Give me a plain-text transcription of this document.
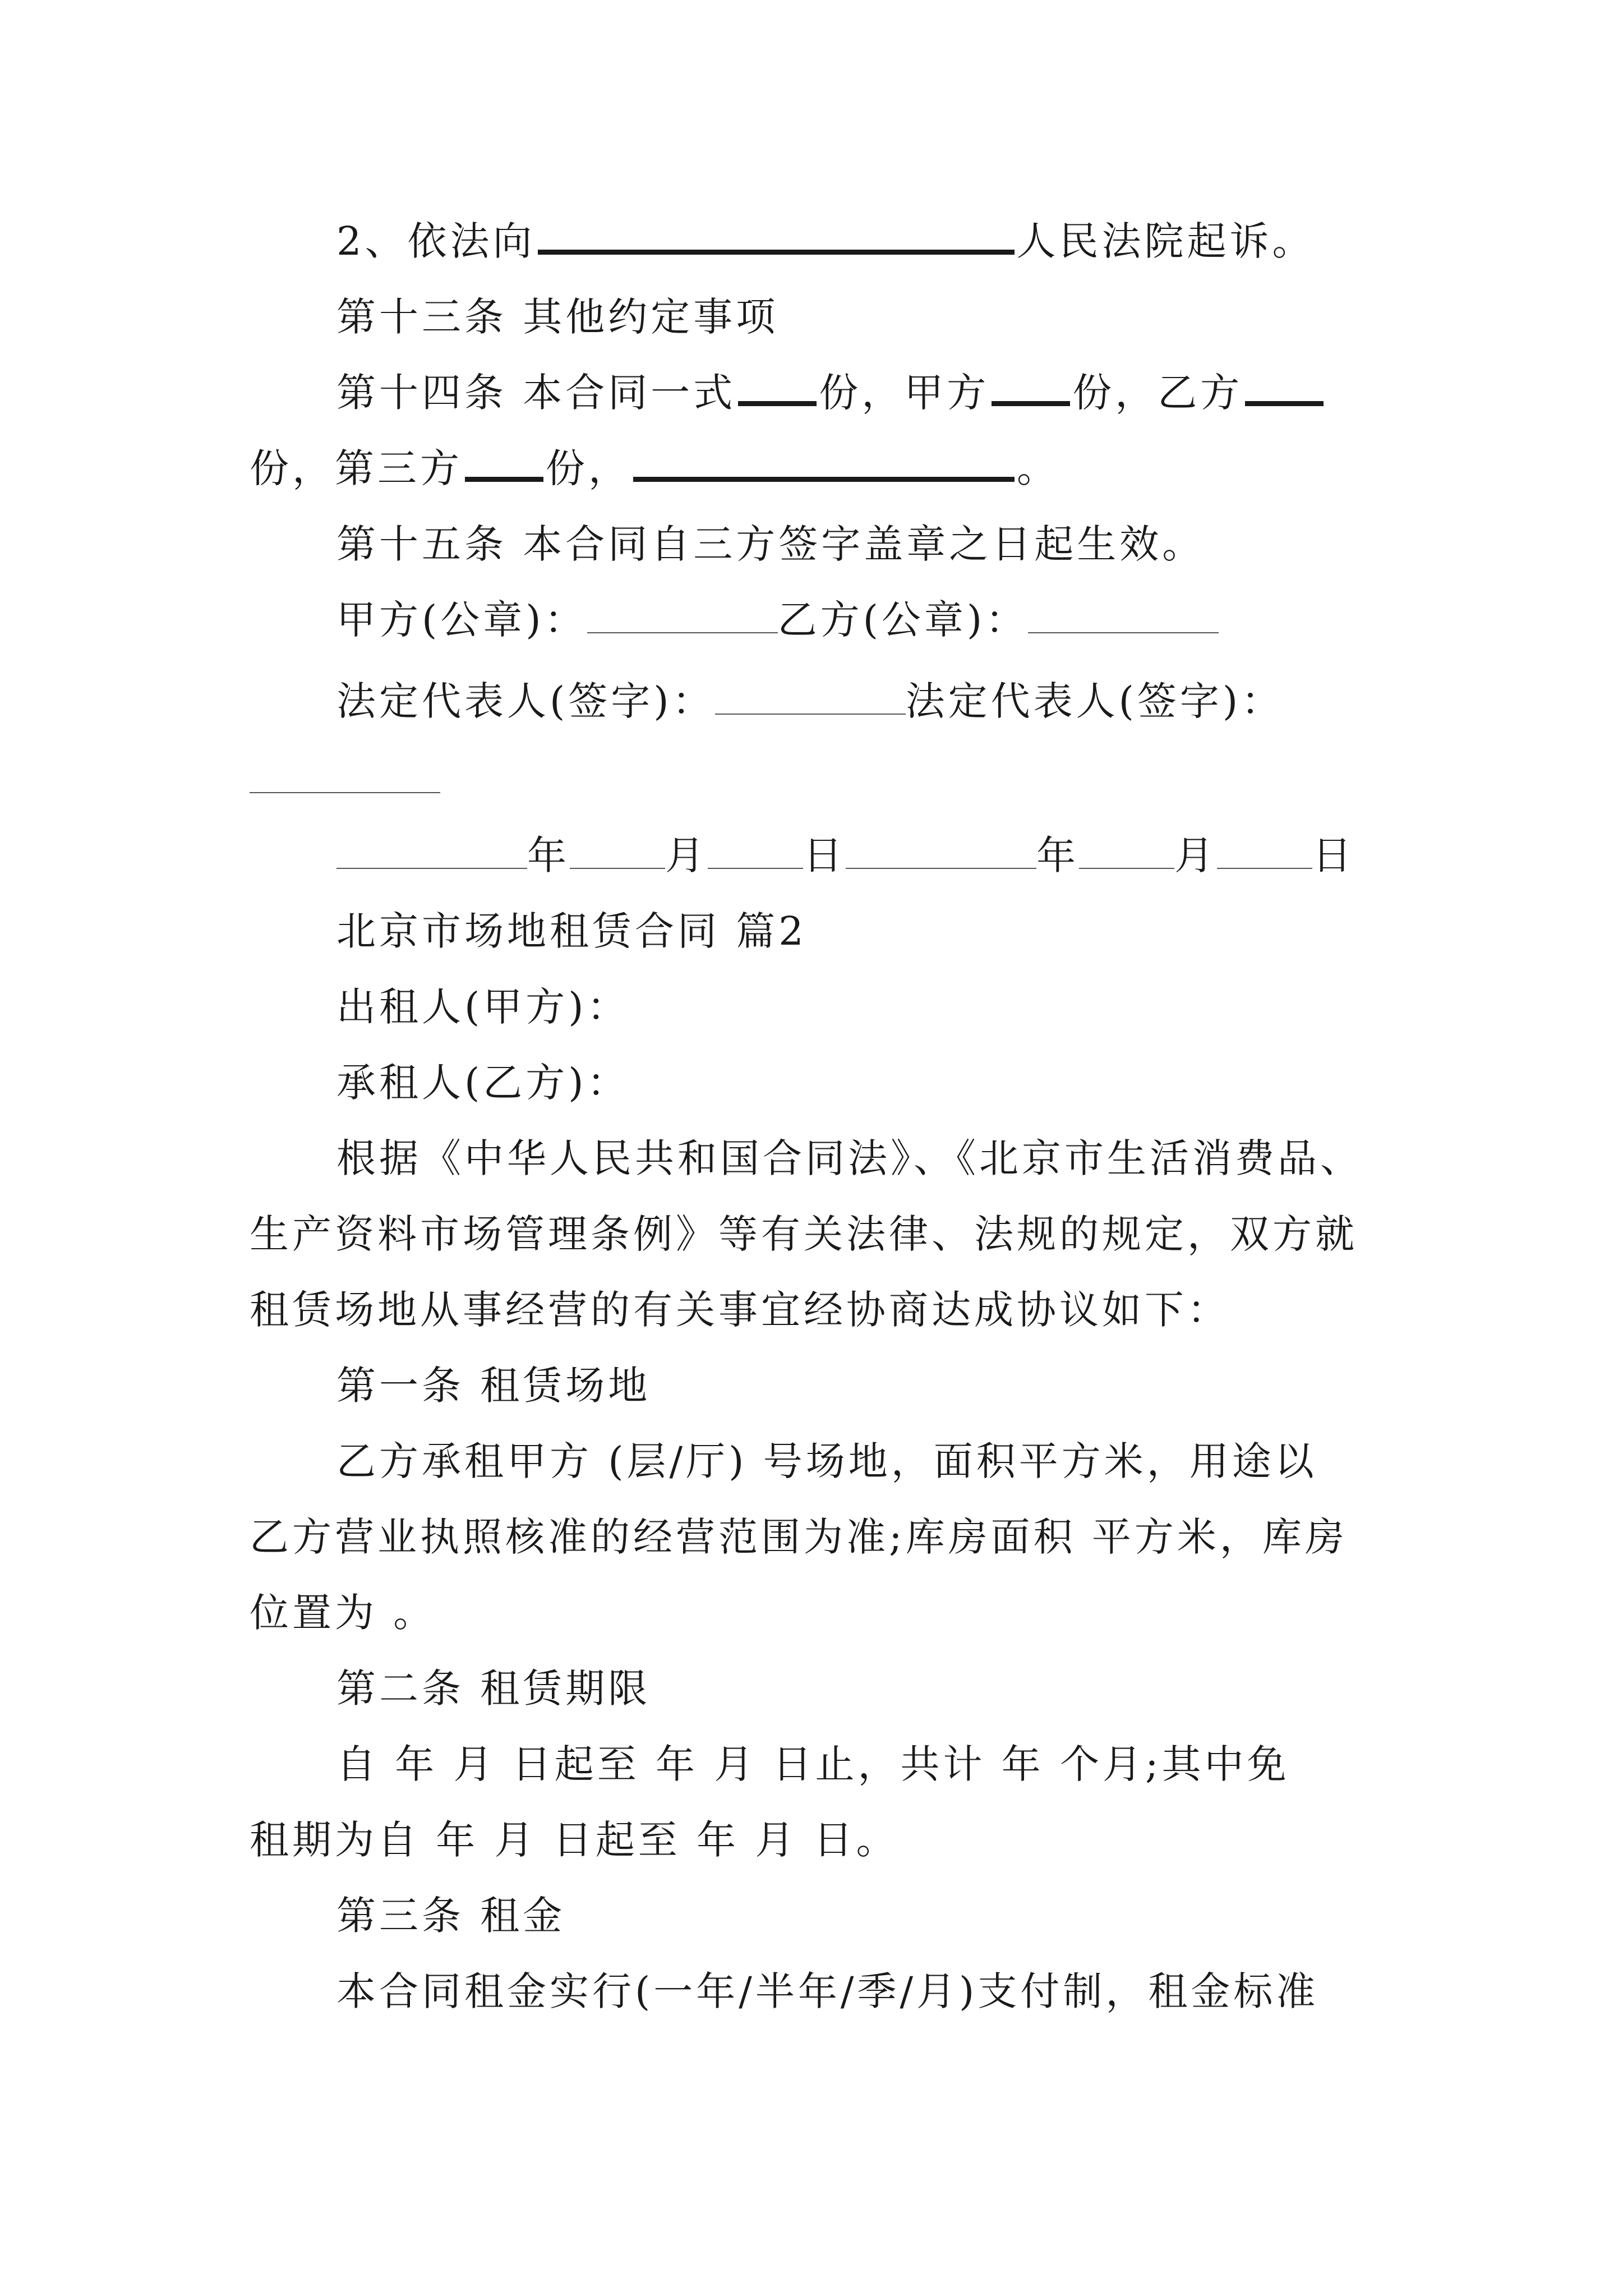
2、依法向	人民法院起诉。
第十三条 其他约定事项
第十四条 本合同一式 份，甲方 份，乙方
份，第三方 份，	。
第十五条 本合同自三方签字盖章之日起生效。
甲方(公章)：	乙方(公章)：
法定代表人(签字)：	法定代表人(签字)：
年 月 日	年 月 日
北京市场地租赁合同 篇2
出租人(甲方)：
承租人(乙方)：
根据《中华人民共和国合同法》、《北京市生活消费品、
生产资料市场管理条例》等有关法律、法规的规定，双方就
租赁场地从事经营的有关事宜经协商达成协议如下：
第一条 租赁场地
乙方承租甲方 (层/厅) 号场地，面积平方米，用途以
乙方营业执照核准的经营范围为准;库房面积 平方米，库房
位置为 。
第二条 租赁期限
自 年 月 日起至 年 月 日止，共计 年 个月;其中免
租期为自 年 月 日起至 年 月 日。
第三条 租金
本合同租金实行(一年/半年/季/月)支付制，租金标准
